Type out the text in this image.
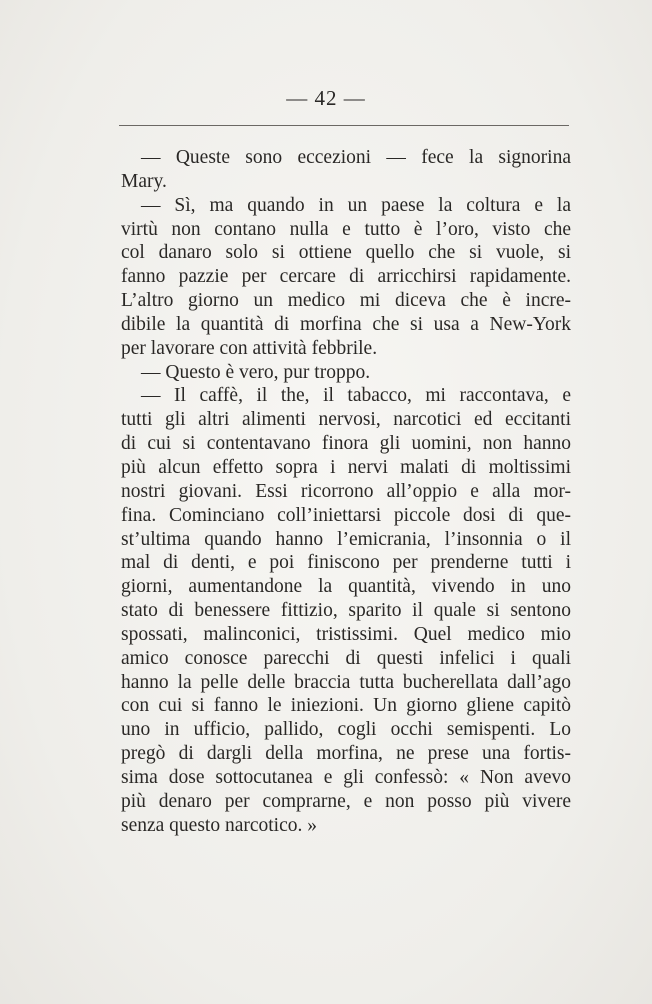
— 42 —
— Queste sono eccezioni — fece la signorina
Mary.
— Sì, ma quando in un paese la coltura e la
virtù non contano nulla e tutto è l’oro, visto che
col danaro solo si ottiene quello che si vuole, si
fanno pazzie per cercare di arricchirsi rapidamente.
L’altro giorno un medico mi diceva che è incre-
dibile la quantità di morfina che si usa a New-York
per lavorare con attività febbrile.
— Questo è vero, pur troppo.
— Il caffè, il the, il tabacco, mi raccontava, e
tutti gli altri alimenti nervosi, narcotici ed eccitanti
di cui si contentavano finora gli uomini, non hanno
più alcun effetto sopra i nervi malati di moltissimi
nostri giovani. Essi ricorrono all’oppio e alla mor-
fina. Cominciano coll’iniettarsi piccole dosi di que-
st’ultima quando hanno l’emicrania, l’insonnia o il
mal di denti, e poi finiscono per prenderne tutti i
giorni, aumentandone la quantità, vivendo in uno
stato di benessere fittizio, sparito il quale si sentono
spossati, malinconici, tristissimi. Quel medico mio
amico conosce parecchi di questi infelici i quali
hanno la pelle delle braccia tutta bucherellata dall’ago
con cui si fanno le iniezioni. Un giorno gliene capitò
uno in ufficio, pallido, cogli occhi semispenti. Lo
pregò di dargli della morfina, ne prese una fortis-
sima dose sottocutanea e gli confessò: « Non avevo
più denaro per comprarne, e non posso più vivere
senza questo narcotico. »
